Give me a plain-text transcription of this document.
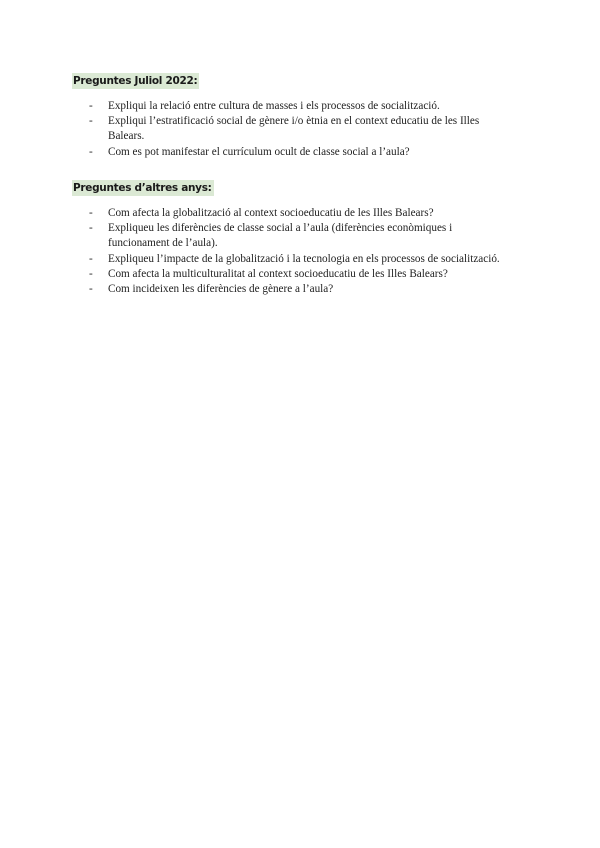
Preguntes Juliol 2022:

- Expliqui la relació entre cultura de masses i els processos de socialització.
- Expliqui l’estratificació social de gènere i/o ètnia en el context educatiu de les Illes Balears.
- Com es pot manifestar el currículum ocult de classe social a l’aula?

Preguntes d’altres anys:

- Com afecta la globalització al context socioeducatiu de les Illes Balears?
- Expliqueu les diferències de classe social a l’aula (diferències econòmiques i funcionament de l’aula).
- Expliqueu l’impacte de la globalització i la tecnologia en els processos de socialització.
- Com afecta la multiculturalitat al context socioeducatiu de les Illes Balears?
- Com incideixen les diferències de gènere a l’aula?
